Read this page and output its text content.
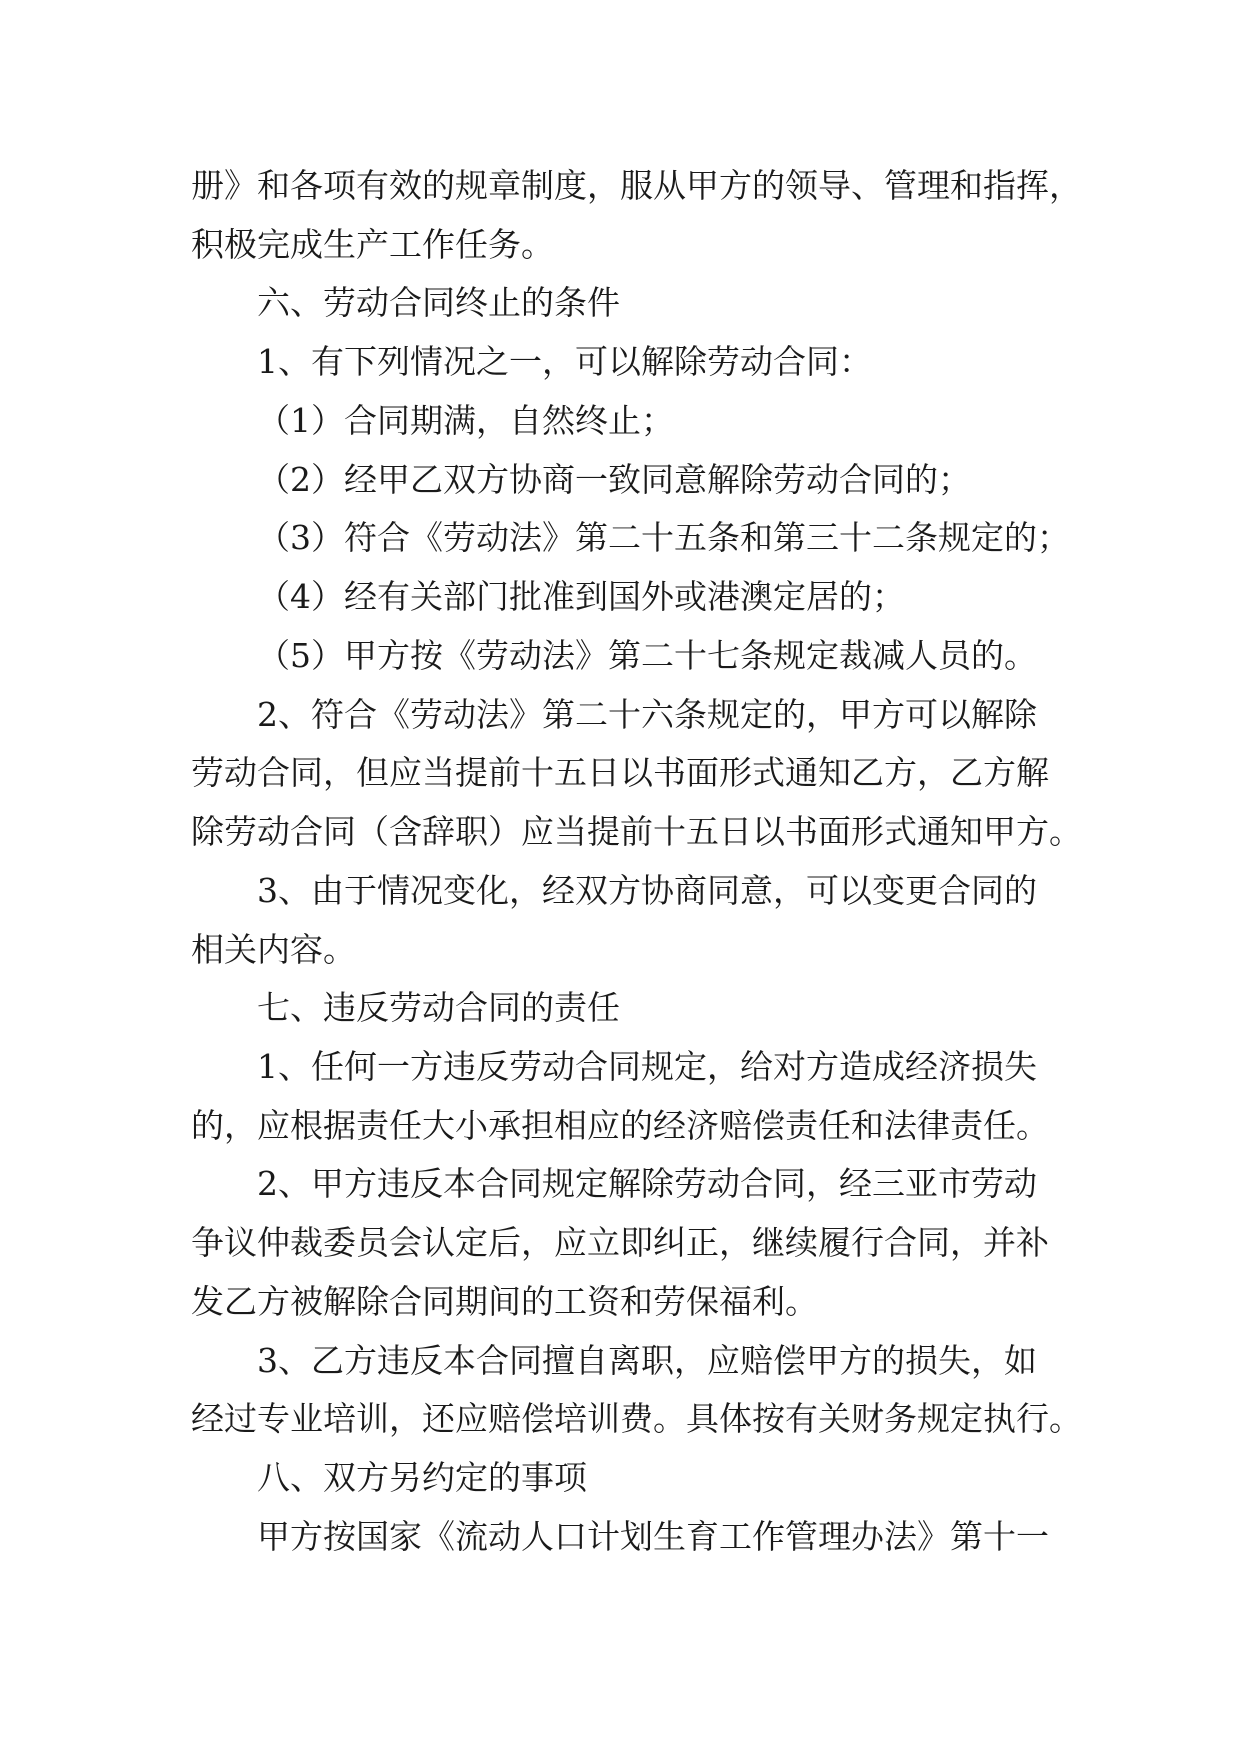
册》和各项有效的规章制度，服从甲方的领导、管理和指挥，
积极完成生产工作任务。
六、劳动合同终止的条件
1、有下列情况之一，可以解除劳动合同：
（1）合同期满，自然终止；
（2）经甲乙双方协商一致同意解除劳动合同的；
（3）符合《劳动法》第二十五条和第三十二条规定的；
（4）经有关部门批准到国外或港澳定居的；
（5）甲方按《劳动法》第二十七条规定裁减人员的。
2、符合《劳动法》第二十六条规定的，甲方可以解除
劳动合同，但应当提前十五日以书面形式通知乙方，乙方解
除劳动合同（含辞职）应当提前十五日以书面形式通知甲方。
3、由于情况变化，经双方协商同意，可以变更合同的
相关内容。
七、违反劳动合同的责任
1、任何一方违反劳动合同规定，给对方造成经济损失
的，应根据责任大小承担相应的经济赔偿责任和法律责任。
2、甲方违反本合同规定解除劳动合同，经三亚市劳动
争议仲裁委员会认定后，应立即纠正，继续履行合同，并补
发乙方被解除合同期间的工资和劳保福利。
3、乙方违反本合同擅自离职，应赔偿甲方的损失，如
经过专业培训，还应赔偿培训费。具体按有关财务规定执行。
八、双方另约定的事项
甲方按国家《流动人口计划生育工作管理办法》第十一
